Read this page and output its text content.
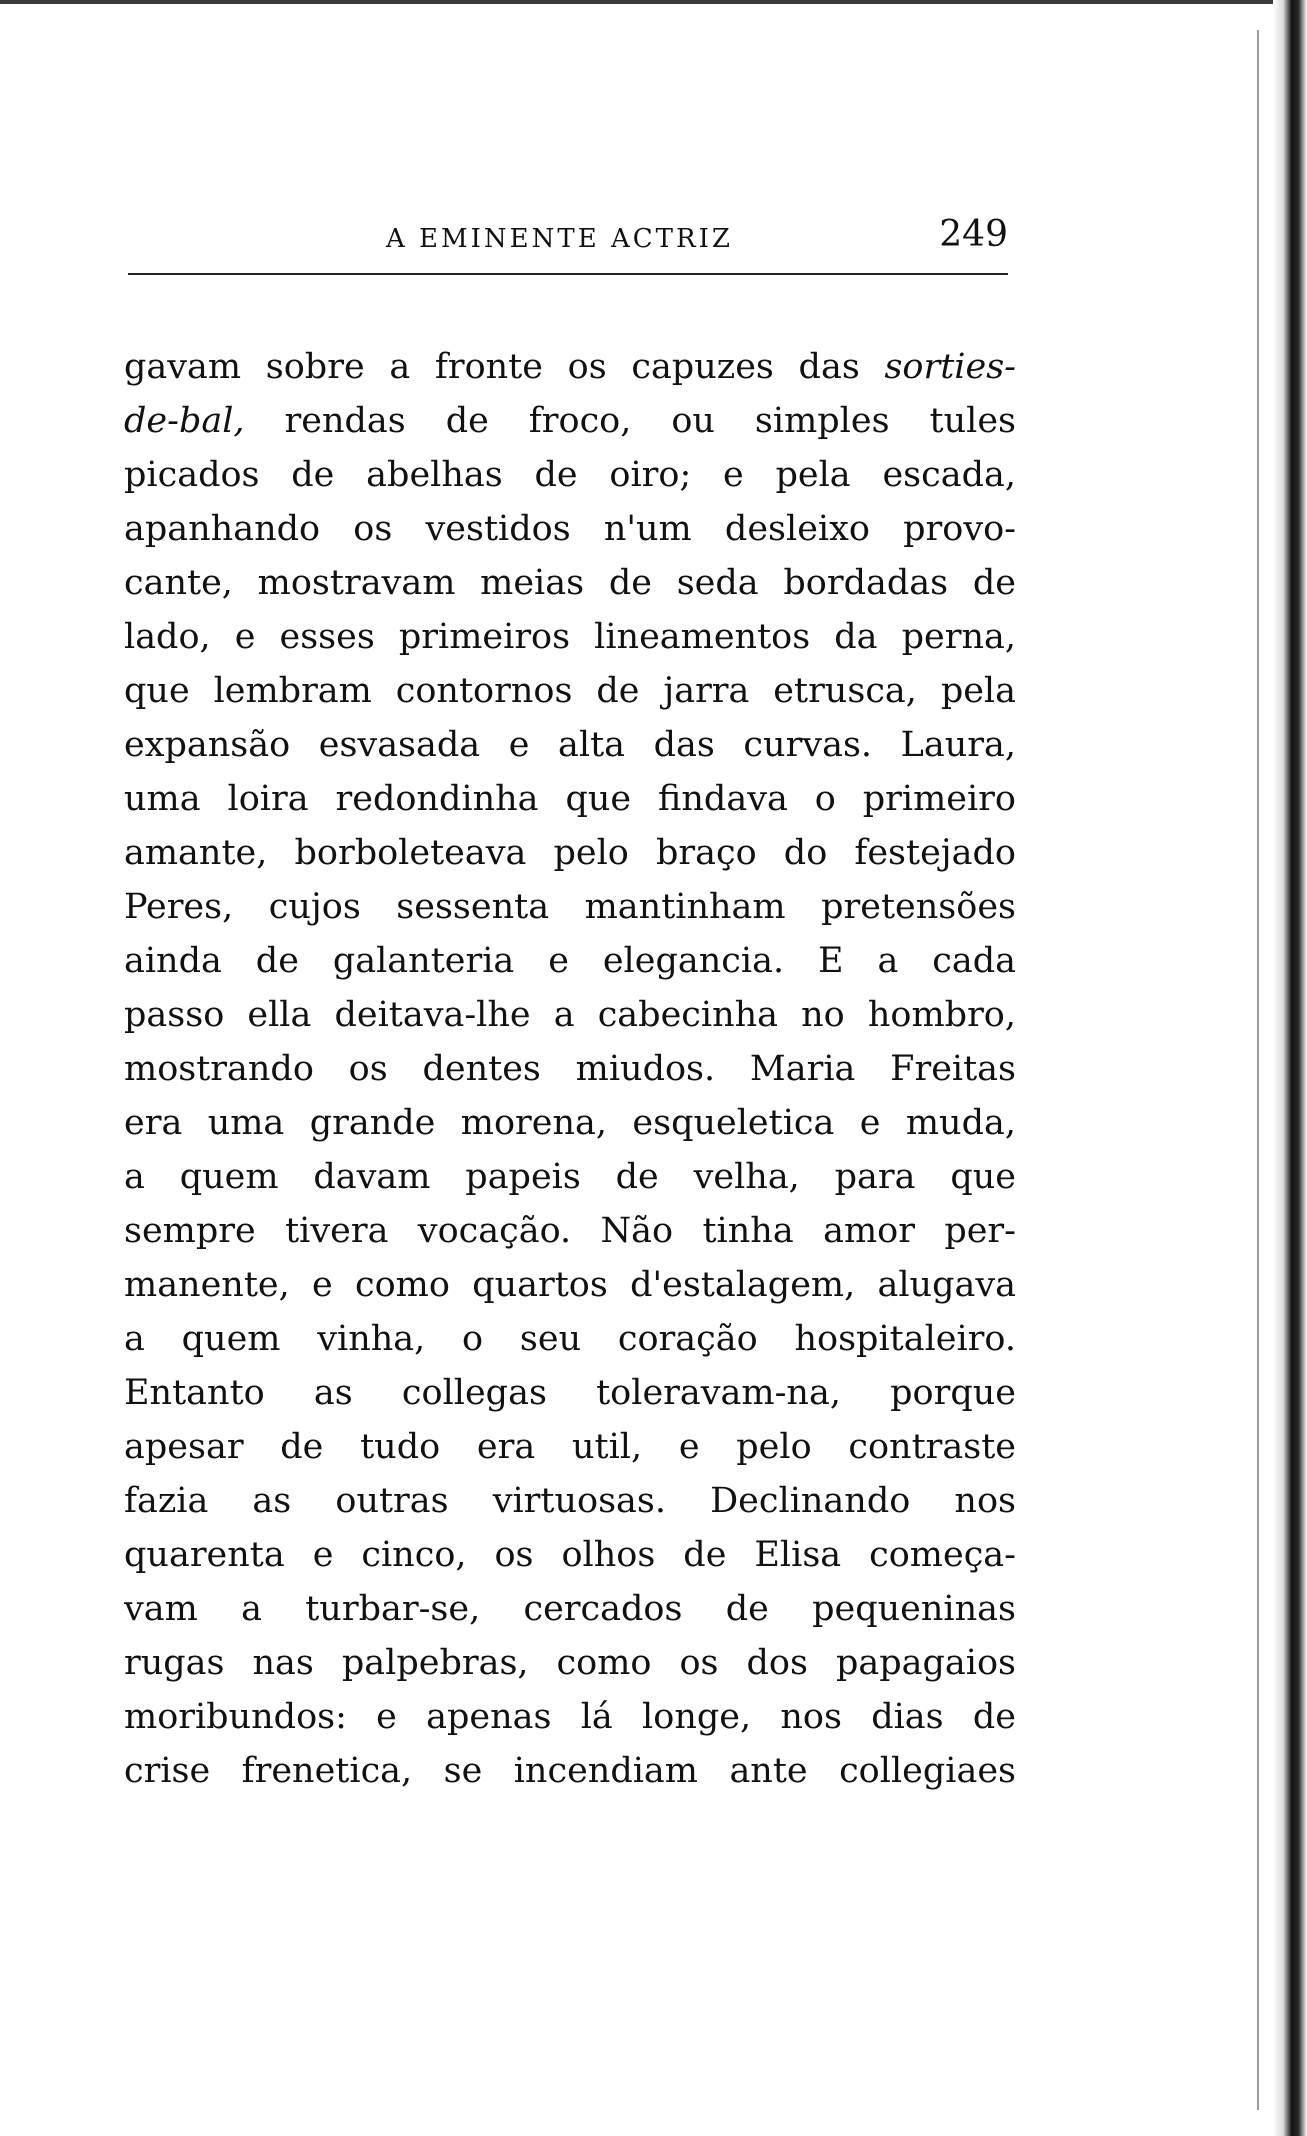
A EMINENTE ACTRIZ	249
gavam sobre a fronte os capuzes das sorties-
de-bal, rendas de froco, ou simples tules
picados de abelhas de oiro; e pela escada,
apanhando os vestidos n'um desleixo provo-
cante, mostravam meias de seda bordadas de
lado, e esses primeiros lineamentos da perna,
que lembram contornos de jarra etrusca, pela
expansão esvasada e alta das curvas. Laura,
uma loira redondinha que findava o primeiro
amante, borboleteava pelo braço do festejado
Peres, cujos sessenta mantinham pretensões
ainda de galanteria e elegancia. E a cada
passo ella deitava-lhe a cabecinha no hombro,
mostrando os dentes miudos. Maria Freitas
era uma grande morena, esqueletica e muda,
a quem davam papeis de velha, para que
sempre tivera vocação. Não tinha amor per-
manente, e como quartos d'estalagem, alugava
a quem vinha, o seu coração hospitaleiro.
Entanto as collegas toleravam-na, porque
apesar de tudo era util, e pelo contraste
fazia as outras virtuosas. Declinando nos
quarenta e cinco, os olhos de Elisa começa-
vam a turbar-se, cercados de pequeninas
rugas nas palpebras, como os dos papagaios
moribundos: e apenas lá longe, nos dias de
crise frenetica, se incendiam ante collegiaes
